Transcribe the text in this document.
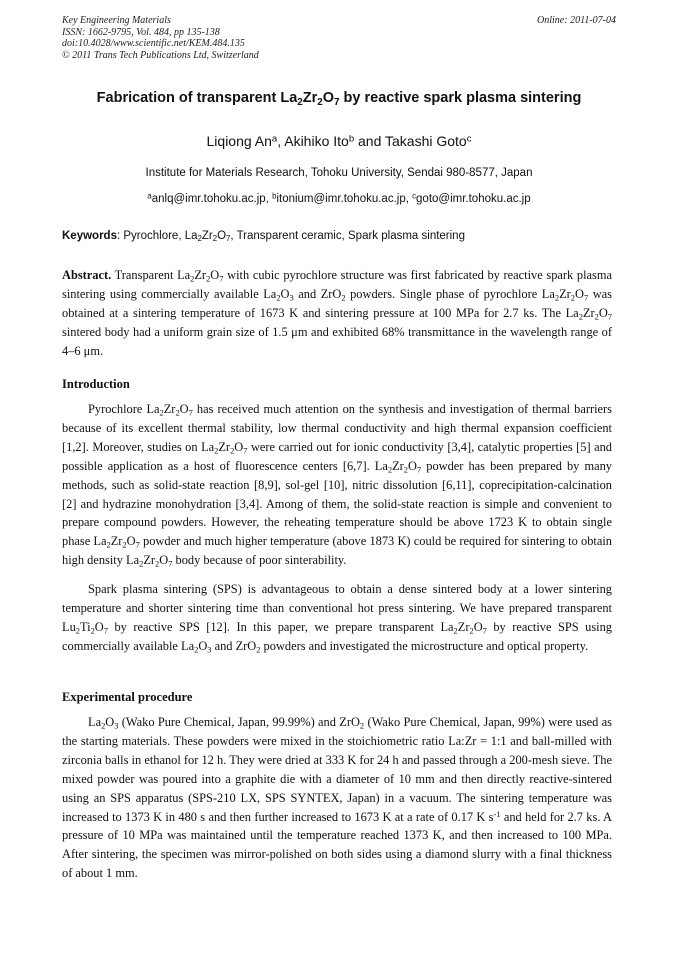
Key Engineering Materials
ISSN: 1662-9795, Vol. 484, pp 135-138
doi:10.4028/www.scientific.net/KEM.484.135
© 2011 Trans Tech Publications Ltd, Switzerland
Online: 2011-07-04
Fabrication of transparent $La_2Zr_2O_7$ by reactive spark plasma sintering
Liqiong An$^a$, Akihiko Ito$^b$ and Takashi Goto$^c$
Institute for Materials Research, Tohoku University, Sendai 980-8577, Japan
$^a$anlq@imr.tohoku.ac.jp, $^b$itonium@imr.tohoku.ac.jp, $^c$goto@imr.tohoku.ac.jp
Keywords: Pyrochlore, $La_2Zr_2O_7$, Transparent ceramic, Spark plasma sintering

Abstract. Transparent $La_2Zr_2O_7$ with cubic pyrochlore structure was first fabricated by reactive spark plasma sintering using commercially available $La_2O_3$ and ZrO$_2$ powders. Single phase of pyrochlore $La_2Zr_2O_7$ was obtained at a sintering temperature of 1673 K and sintering pressure at 100 MPa for 2.7 ks. The $La_2Zr_2O_7$ sintered body had a uniform grain size of 1.5 μm and exhibited 68% transmittance in the wavelength range of 4–6 μm.

Introduction

Pyrochlore $La_2Zr_2O_7$ has received much attention on the synthesis and investigation of thermal barriers because of its excellent thermal stability, low thermal conductivity and high thermal expansion coefficient [1,2]. Moreover, studies on $La_2Zr_2O_7$ were carried out for ionic conductivity [3,4], catalytic properties [5] and possible application as a host of fluorescence centers [6,7]. $La_2Zr_2O_7$ powder has been prepared by many methods, such as solid-state reaction [8,9], sol-gel [10], nitric dissolution [6,11], coprecipitation-calcination [2] and hydrazine monohydration [3,4]. Among of them, the solid-state reaction is simple and convenient to prepare compound powders. However, the reheating temperature should be above 1723 K to obtain single phase $La_2Zr_2O_7$ powder and much higher temperature (above 1873 K) could be required for sintering to obtain high density $La_2Zr_2O_7$ body because of poor sinterability.

Spark plasma sintering (SPS) is advantageous to obtain a dense sintered body at a lower sintering temperature and shorter sintering time than conventional hot press sintering. We have prepared transparent $Lu_2Ti_2O_7$ by reactive SPS [12]. In this paper, we prepare transparent $La_2Zr_2O_7$ by reactive SPS using commercially available $La_2O_3$ and ZrO$_2$ powders and investigated the microstructure and optical property.

Experimental procedure

$La_2O_3$ (Wako Pure Chemical, Japan, 99.99%) and ZrO$_2$ (Wako Pure Chemical, Japan, 99%) were used as the starting materials. These powders were mixed in the stoichiometric ratio La:Zr = 1:1 and ball-milled with zirconia balls in ethanol for 12 h. They were dried at 333 K for 24 h and passed through a 200-mesh sieve. The mixed powder was poured into a graphite die with a diameter of 10 mm and then directly reactive-sintered using an SPS apparatus (SPS-210 LX, SPS SYNTEX, Japan) in a vacuum. The sintering temperature was increased to 1373 K in 480 s and then further increased to 1673 K at a rate of 0.17 K $s^{-1}$ and held for 2.7 ks. A pressure of 10 MPa was maintained until the temperature reached 1373 K, and then increased to 100 MPa. After sintering, the specimen was mirror-polished on both sides using a diamond slurry with a final thickness of about 1 mm.
